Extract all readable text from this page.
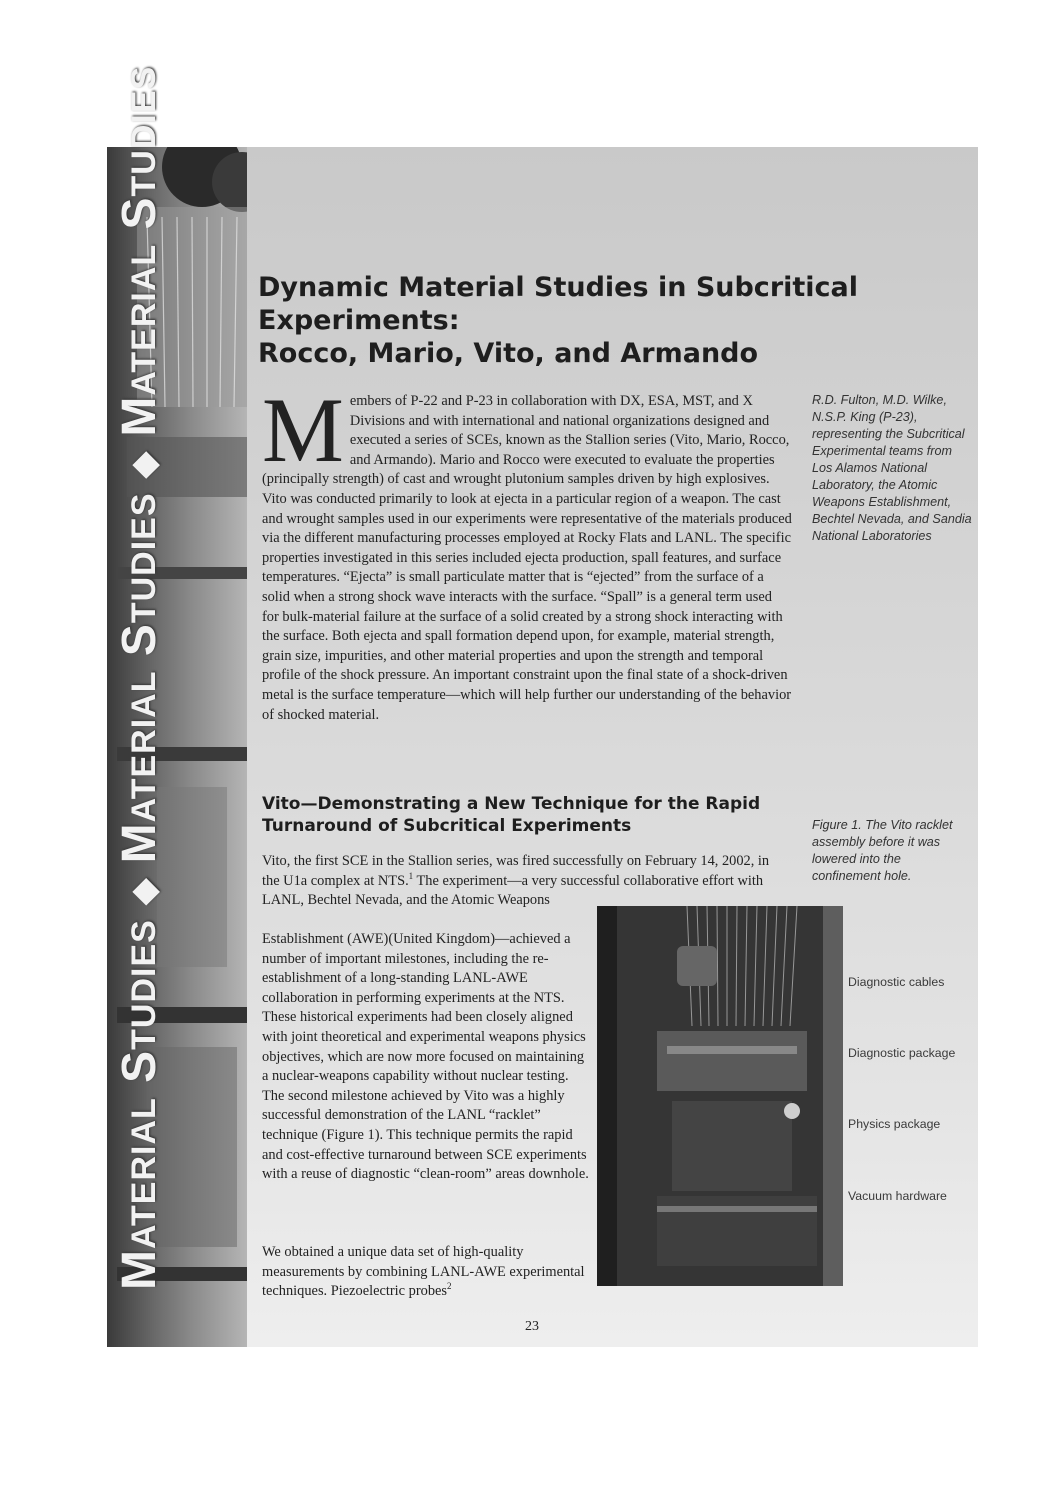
MATERIAL STUDIES ◆ MATERIAL STUDIES ◆ MATERIAL STUDIES
Dynamic Material Studies in Subcritical Experiments:
Rocco, Mario, Vito, and Armando
M embers of P-22 and P-23 in collaboration with DX, ESA, MST, and X Divisions and with international and national organizations designed and executed a series of SCEs, known as the Stallion series (Vito, Mario, Rocco, and Armando). Mario and Rocco were executed to evaluate the properties (principally strength) of cast and wrought plutonium samples driven by high explosives. Vito was conducted primarily to look at ejecta in a particular region of a weapon. The cast and wrought samples used in our experiments were representative of the materials produced via the different manufacturing processes employed at Rocky Flats and LANL. The specific properties investigated in this series included ejecta production, spall features, and surface temperatures. “Ejecta” is small particulate matter that is “ejected” from the surface of a solid when a strong shock wave interacts with the surface. “Spall” is a general term used for bulk-material failure at the surface of a solid created by a strong shock interacting with the surface. Both ejecta and spall formation depend upon, for example, material strength, grain size, impurities, and other material properties and upon the strength and temporal profile of the shock pressure. An important constraint upon the final state of a shock-driven metal is the surface temperature—which will help further our understanding of the behavior of shocked material.

R.D. Fulton, M.D. Wilke, N.S.P. King (P-23), representing the Subcritical Experimental teams from Los Alamos National Laboratory, the Atomic Weapons Establishment, Bechtel Nevada, and Sandia National Laboratories

Vito—Demonstrating a New Technique for the Rapid Turnaround of Subcritical Experiments

Vito, the first SCE in the Stallion series, was fired successfully on February 14, 2002, in the U1a complex at NTS.$^1$ The experiment—a very successful collaborative effort with LANL, Bechtel Nevada, and the Atomic Weapons

Establishment (AWE)(United Kingdom)—achieved a number of important milestones, including the re-establishment of a long-standing LANL-AWE collaboration in performing experiments at the NTS. These historical experiments had been closely aligned with joint theoretical and experimental weapons physics objectives, which are now more focused on maintaining a nuclear-weapons capability without nuclear testing. The second milestone achieved by Vito was a highly successful demonstration of the LANL “racklet” technique (Figure 1). This technique permits the rapid and cost-effective turnaround between SCE experiments with a reuse of diagnostic “clean-room” areas downhole.

We obtained a unique data set of high-quality measurements by combining LANL-AWE experimental techniques. Piezoelectric probes$^2$

Figure 1. The Vito racklet assembly before it was lowered into the confinement hole.

Diagnostic cables

Diagnostic package

Physics package

Vacuum hardware

23
